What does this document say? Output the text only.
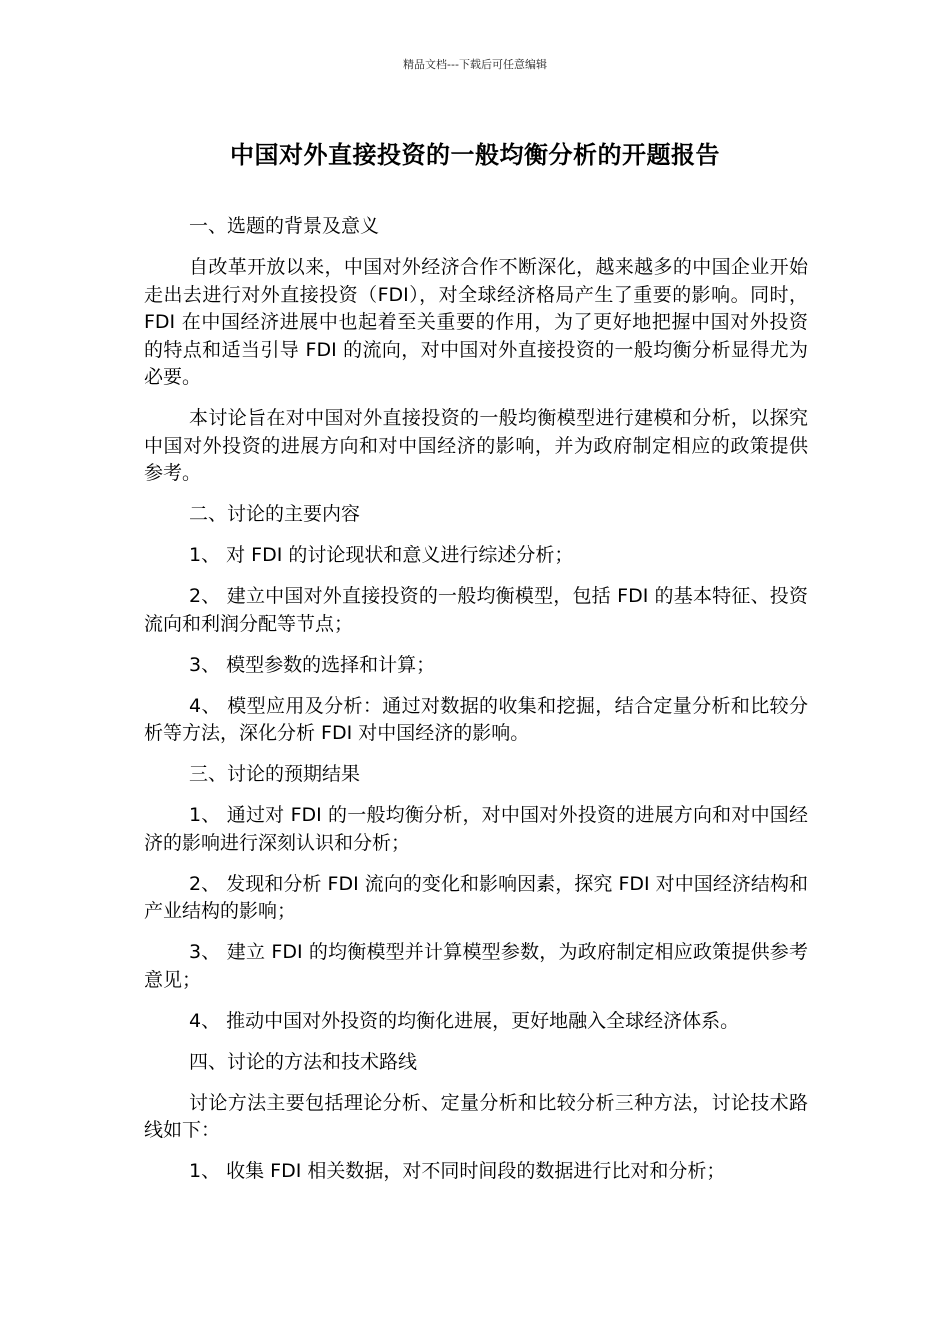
精品文档---下载后可任意编辑
中国对外直接投资的一般均衡分析的开题报告

一、选题的背景及意义

自改革开放以来，中国对外经济合作不断深化，越来越多的中国企业开始走出去进行对外直接投资（FDI），对全球经济格局产生了重要的影响。同时，FDI 在中国经济进展中也起着至关重要的作用，为了更好地把握中国对外投资的特点和适当引导 FDI 的流向，对中国对外直接投资的一般均衡分析显得尤为必要。

本讨论旨在对中国对外直接投资的一般均衡模型进行建模和分析，以探究中国对外投资的进展方向和对中国经济的影响，并为政府制定相应的政策提供参考。

二、讨论的主要内容

1、 对 FDI 的讨论现状和意义进行综述分析；

2、 建立中国对外直接投资的一般均衡模型，包括 FDI 的基本特征、投资流向和利润分配等节点；

3、 模型参数的选择和计算；

4、 模型应用及分析：通过对数据的收集和挖掘，结合定量分析和比较分析等方法，深化分析 FDI 对中国经济的影响。

三、讨论的预期结果

1、 通过对 FDI 的一般均衡分析，对中国对外投资的进展方向和对中国经济的影响进行深刻认识和分析；

2、 发现和分析 FDI 流向的变化和影响因素，探究 FDI 对中国经济结构和产业结构的影响；

3、 建立 FDI 的均衡模型并计算模型参数，为政府制定相应政策提供参考意见；

4、 推动中国对外投资的均衡化进展，更好地融入全球经济体系。

四、讨论的方法和技术路线

讨论方法主要包括理论分析、定量分析和比较分析三种方法，讨论技术路线如下：

1、 收集 FDI 相关数据，对不同时间段的数据进行比对和分析；
